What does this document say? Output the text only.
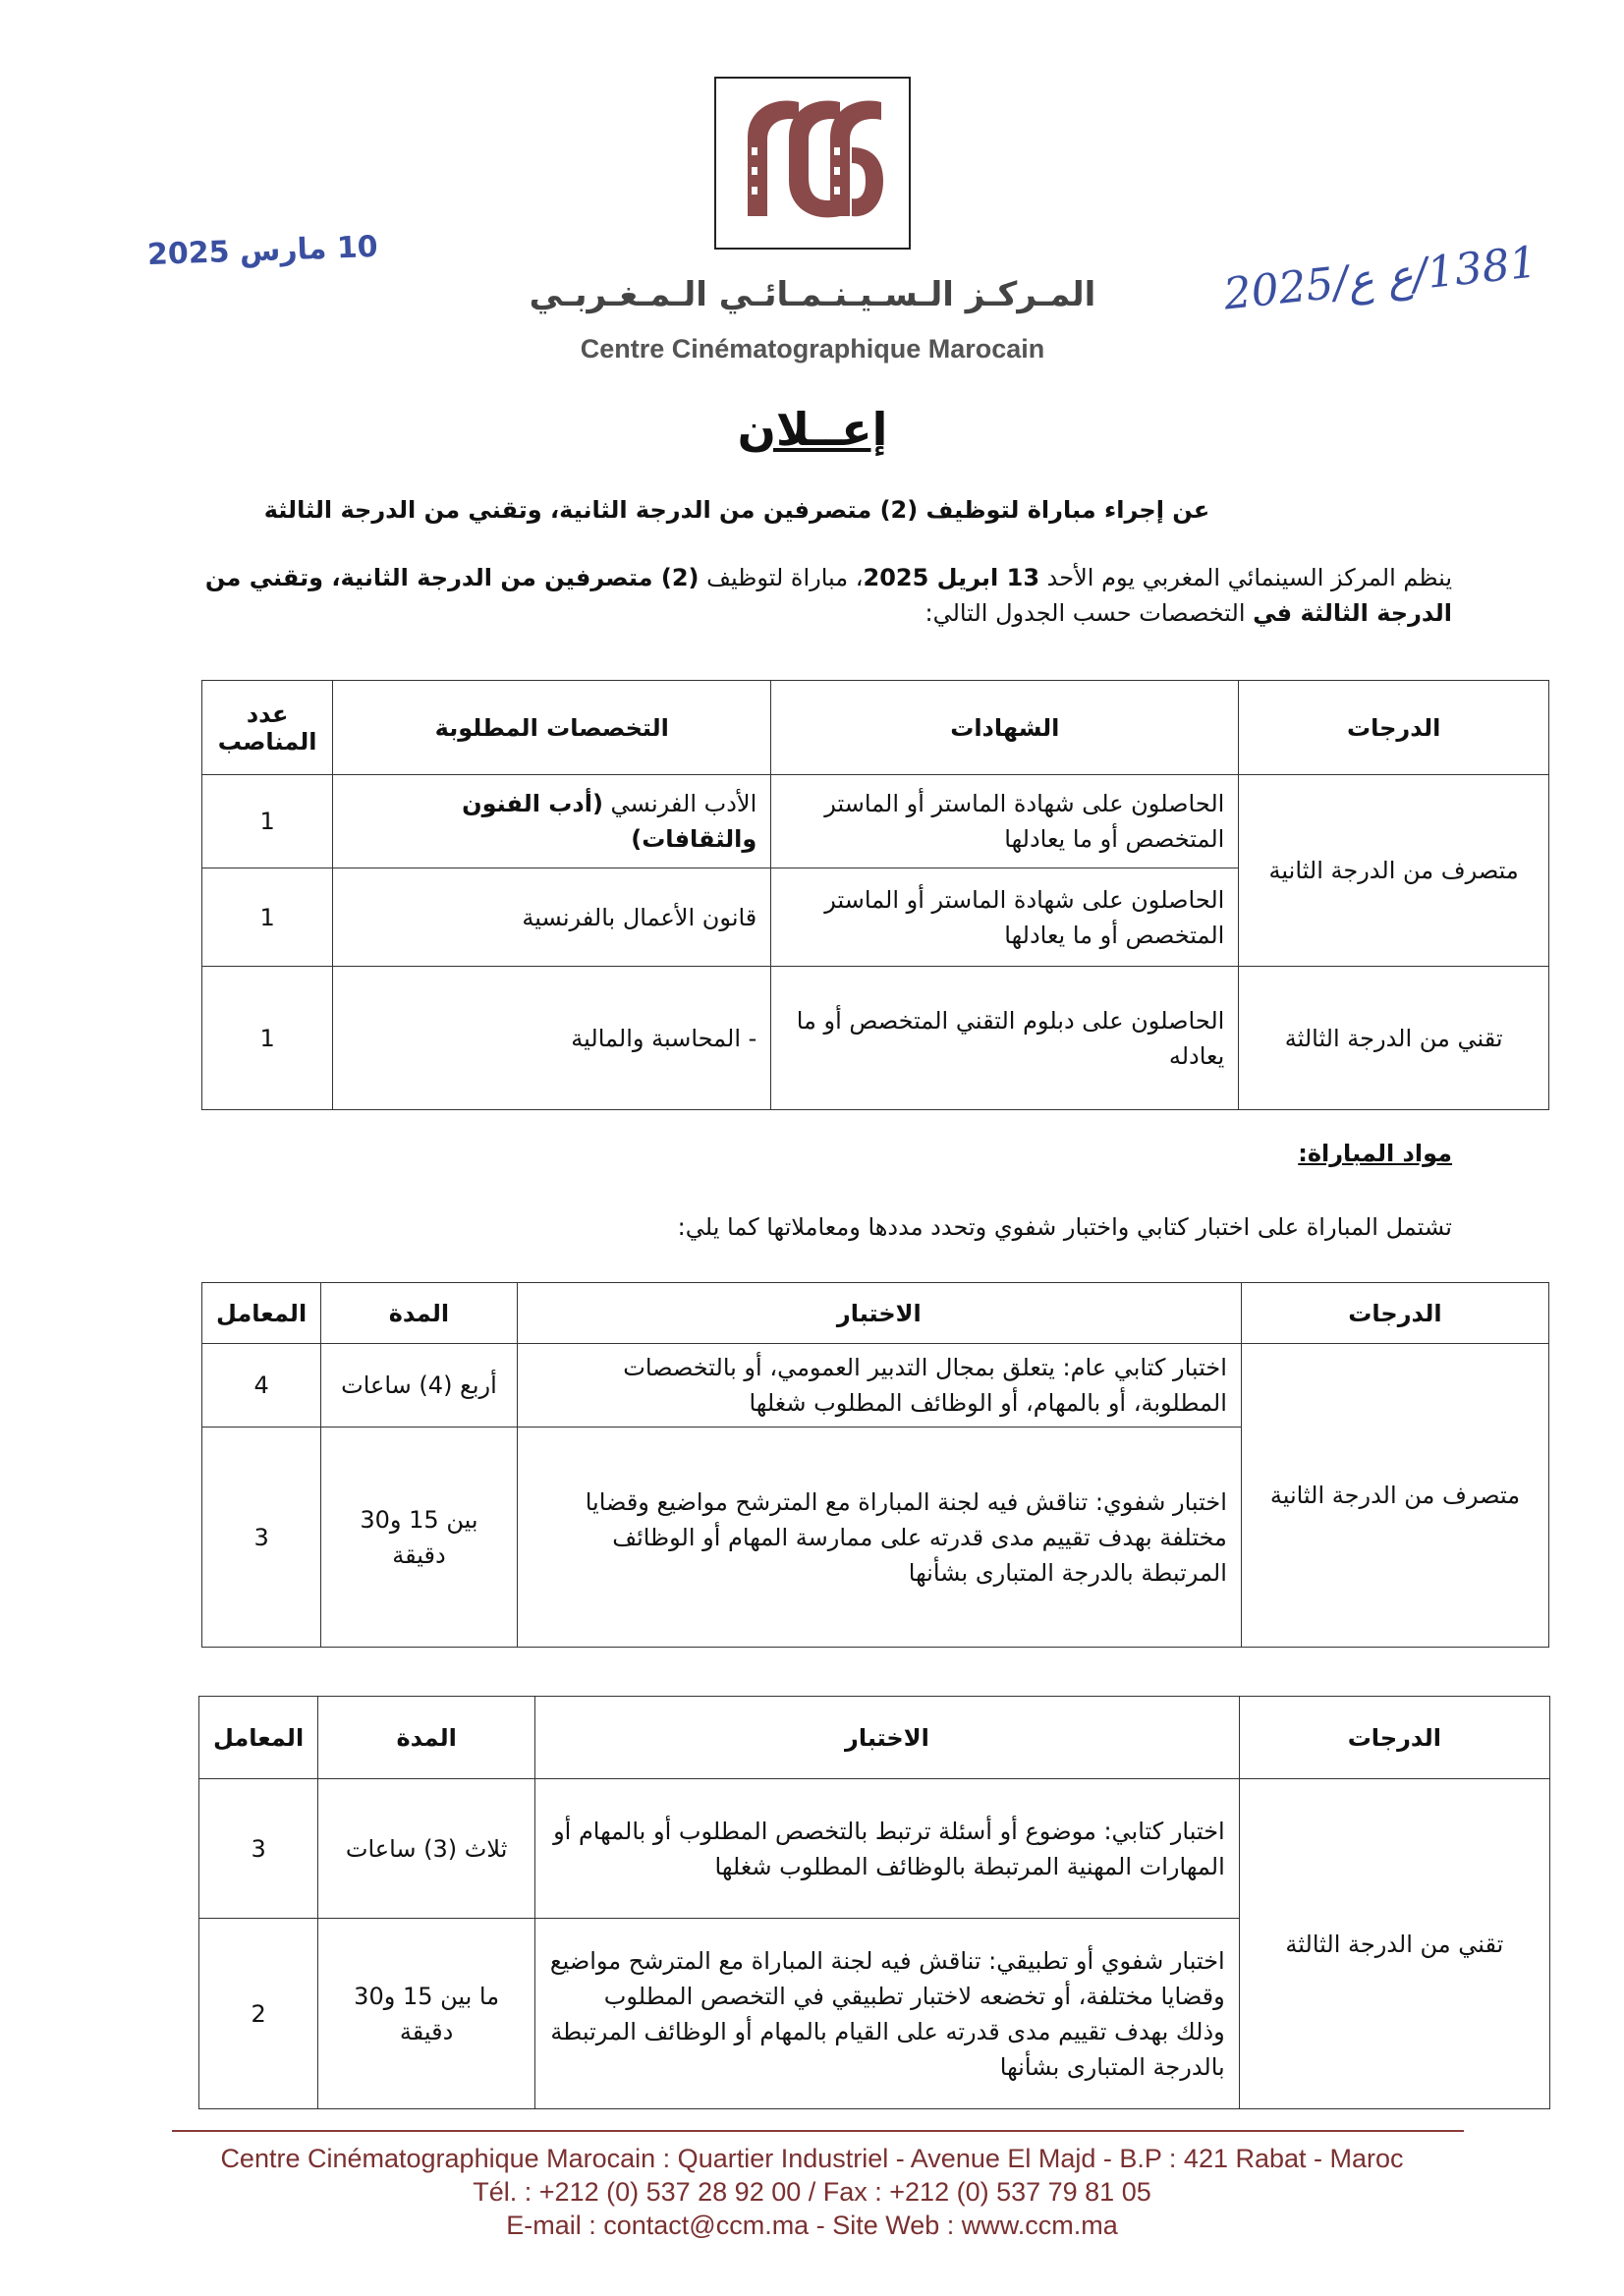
10 مارس 2025
1381/ع ع/2025
المـركـز الـسـيـنـمـائـي الـمـغـربـي
Centre Cinématographique Marocain
إعــلان
عن إجراء مباراة لتوظيف (2) متصرفين من الدرجة الثانية، وتقني من الدرجة الثالثة
ينظم المركز السينمائي المغربي يوم الأحد 13 ابريل 2025، مباراة لتوظيف (2) متصرفين من الدرجة الثانية، وتقني من الدرجة الثالثة في التخصصات حسب الجدول التالي:
الدرجات	الشهادات	التخصصات المطلوبة	عدد المناصب
متصرف من الدرجة الثانية	الحاصلون على شهادة الماستر أو الماستر المتخصص أو ما يعادلها	الأدب الفرنسي (أدب الفنون والثقافات)	1
	الحاصلون على شهادة الماستر أو الماستر المتخصص أو ما يعادلها	قانون الأعمال بالفرنسية	1
تقني من الدرجة الثالثة	الحاصلون على دبلوم التقني المتخصص أو ما يعادله	- المحاسبة والمالية	1
مواد المباراة:
تشتمل المباراة على اختبار كتابي واختبار شفوي وتحدد مددها ومعاملاتها كما يلي:
الدرجات	الاختبار	المدة	المعامل
متصرف من الدرجة الثانية	اختبار كتابي عام: يتعلق بمجال التدبير العمومي، أو بالتخصصات المطلوبة، أو بالمهام، أو الوظائف المطلوب شغلها	أربع (4) ساعات	4
	اختبار شفوي: تناقش فيه لجنة المباراة مع المترشح مواضيع وقضايا مختلفة بهدف تقييم مدى قدرته على ممارسة المهام أو الوظائف المرتبطة بالدرجة المتبارى بشأنها	بين 15 و30 دقيقة	3
الدرجات	الاختبار	المدة	المعامل
تقني من الدرجة الثالثة	اختبار كتابي: موضوع أو أسئلة ترتبط بالتخصص المطلوب أو بالمهام أو المهارات المهنية المرتبطة بالوظائف المطلوب شغلها	ثلاث (3) ساعات	3
	اختبار شفوي أو تطبيقي: تناقش فيه لجنة المباراة مع المترشح مواضيع وقضايا مختلفة، أو تخضعه لاختبار تطبيقي في التخصص المطلوب وذلك بهدف تقييم مدى قدرته على القيام بالمهام أو الوظائف المرتبطة بالدرجة المتبارى بشأنها	ما بين 15 و30 دقيقة	2
Centre Cinématographique Marocain : Quartier Industriel - Avenue El Majd - B.P : 421 Rabat - Maroc
Tél. : +212 (0) 537 28 92 00 / Fax : +212 (0) 537 79 81 05
E-mail : contact@ccm.ma - Site Web : www.ccm.ma
